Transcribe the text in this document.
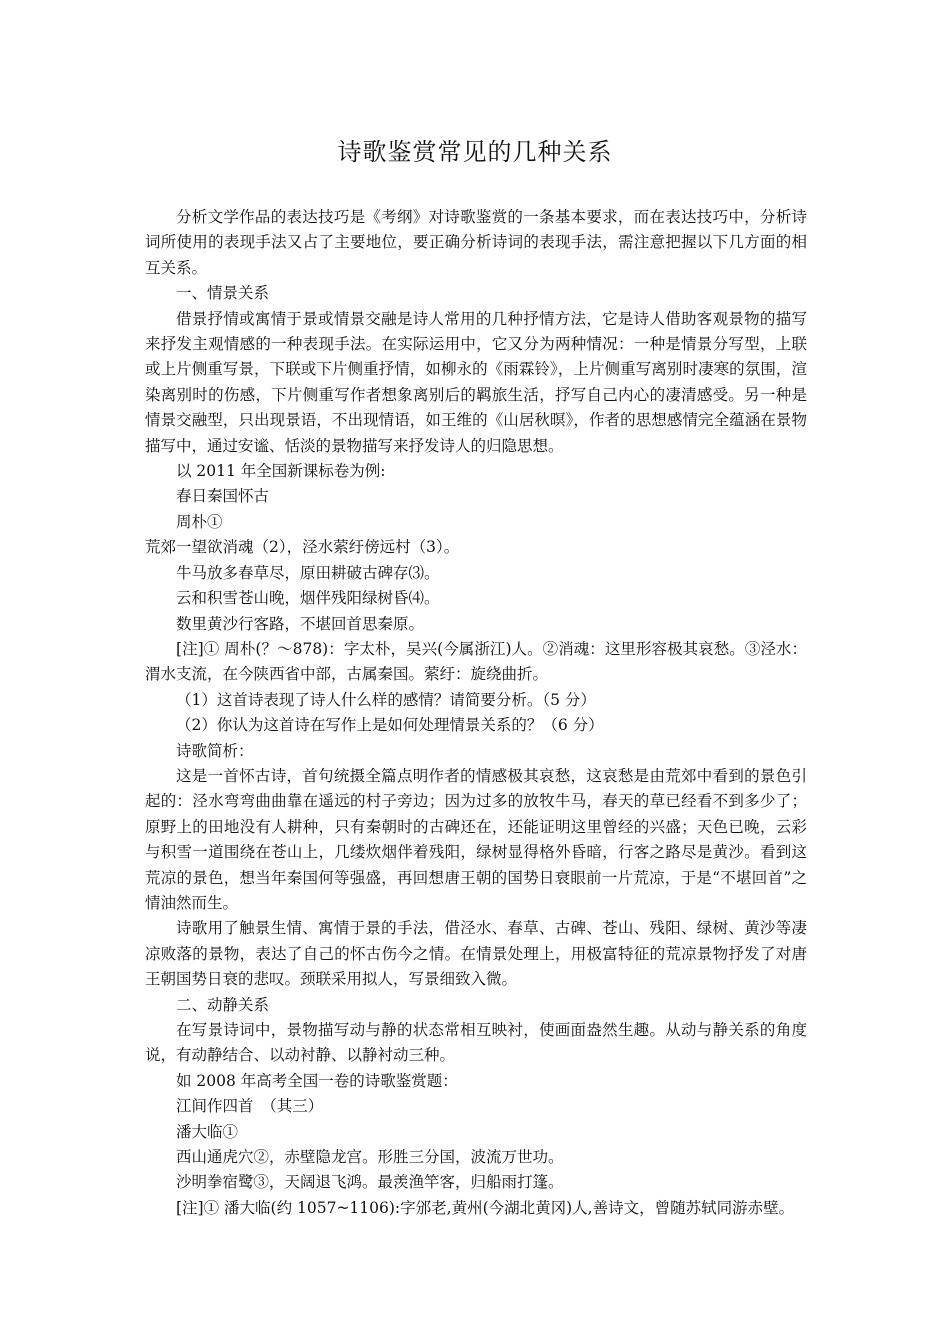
诗歌鉴赏常见的几种关系

分析文学作品的表达技巧是《考纲》对诗歌鉴赏的一条基本要求，而在表达技巧中，分析诗词所使用的表现手法又占了主要地位，要正确分析诗词的表现手法，需注意把握以下几方面的相互关系。

一、情景关系

借景抒情或寓情于景或情景交融是诗人常用的几种抒情方法，它是诗人借助客观景物的描写来抒发主观情感的一种表现手法。在实际运用中，它又分为两种情况：一种是情景分写型，上联或上片侧重写景，下联或下片侧重抒情，如柳永的《雨霖铃》，上片侧重写离别时凄寒的氛围，渲染离别时的伤感，下片侧重写作者想象离别后的羁旅生活，抒写自己内心的凄清感受。另一种是情景交融型，只出现景语，不出现情语，如王维的《山居秋暝》，作者的思想感情完全蕴涵在景物描写中，通过安谧、恬淡的景物描写来抒发诗人的归隐思想。

以 2011 年全国新课标卷为例:

春日秦国怀古

周朴①

荒郊一望欲消魂（2），泾水萦纡傍远村（3）。

牛马放多春草尽，原田耕破古碑存⑶。

云和积雪苍山晚，烟伴残阳绿树昏⑷。

数里黄沙行客路，不堪回首思秦原。

[注]① 周朴(？～878)：字太朴，吴兴(今属浙江)人。②消魂：这里形容极其哀愁。③泾水：渭水支流，在今陕西省中部，古属秦国。萦纡：旋绕曲折。

（1）这首诗表现了诗人什么样的感情？请简要分析。（5 分）

（2）你认为这首诗在写作上是如何处理情景关系的？（6 分）

诗歌简析：

这是一首怀古诗，首句统摄全篇点明作者的情感极其哀愁，这哀愁是由荒郊中看到的景色引起的：泾水弯弯曲曲靠在遥远的村子旁边；因为过多的放牧牛马，春天的草已经看不到多少了；原野上的田地没有人耕种，只有秦朝时的古碑还在，还能证明这里曾经的兴盛；天色已晚，云彩与积雪一道围绕在苍山上，几缕炊烟伴着残阳，绿树显得格外昏暗，行客之路尽是黄沙。看到这荒凉的景色，想当年秦国何等强盛，再回想唐王朝的国势日衰眼前一片荒凉，于是“不堪回首”之情油然而生。

诗歌用了触景生情、寓情于景的手法，借泾水、春草、古碑、苍山、残阳、绿树、黄沙等凄凉败落的景物，表达了自己的怀古伤今之情。在情景处理上，用极富特征的荒凉景物抒发了对唐王朝国势日衰的悲叹。颈联采用拟人，写景细致入微。

二、动静关系

在写景诗词中，景物描写动与静的状态常相互映衬，使画面盎然生趣。从动与静关系的角度说，有动静结合、以动衬静、以静衬动三种。

如 2008 年高考全国一卷的诗歌鉴赏题：

江间作四首　（其三）

潘大临①

西山通虎穴②，赤壁隐龙宫。形胜三分国，波流万世功。

沙明拳宿鹭③，天阔退飞鸿。最羡渔竿客，归船雨打篷。

[注]① 潘大临(约 1057~1106):字邠老,黄州(今湖北黄冈)人,善诗文，曾随苏轼同游赤壁。
